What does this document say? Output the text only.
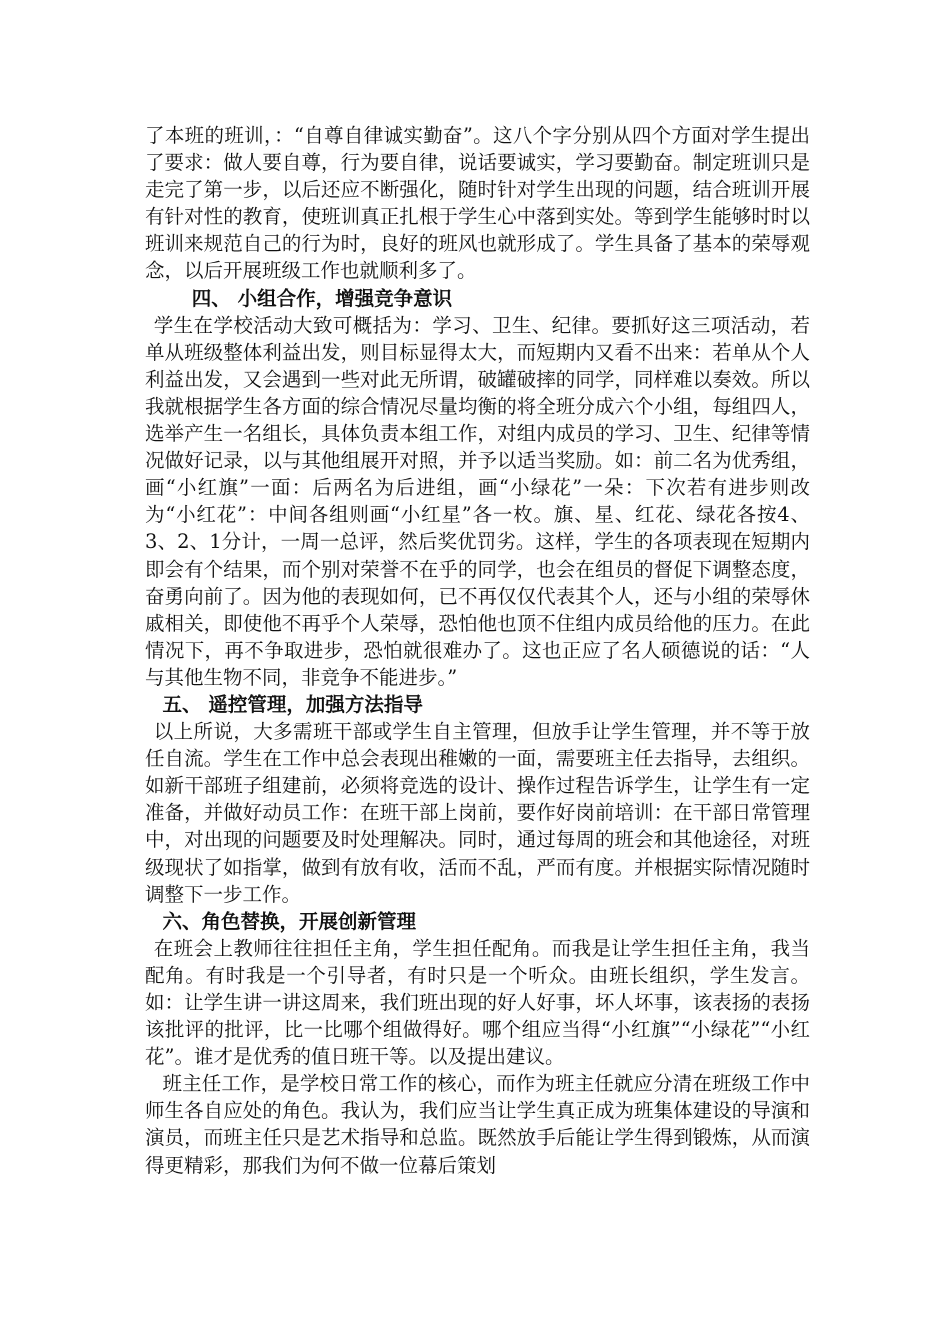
了本班的班训，：“自尊自律诚实勤奋”。这八个字分别从四个方面对学生提出了要求：做人要自尊，行为要自律，说话要诚实，学习要勤奋。制定班训只是走完了第一步，以后还应不断强化，随时针对学生出现的问题，结合班训开展有针对性的教育，使班训真正扎根于学生心中落到实处。等到学生能够时时以班训来规范自己的行为时，良好的班风也就形成了。学生具备了基本的荣辱观念，以后开展班级工作也就顺利多了。

四、 小组合作，增强竞争意识

学生在学校活动大致可概括为：学习、卫生、纪律。要抓好这三项活动，若单从班级整体利益出发，则目标显得太大，而短期内又看不出来：若单从个人利益出发，又会遇到一些对此无所谓，破罐破摔的同学，同样难以奏效。所以我就根据学生各方面的综合情况尽量均衡的将全班分成六个小组，每组四人，选举产生一名组长，具体负责本组工作，对组内成员的学习、卫生、纪律等情况做好记录，以与其他组展开对照，并予以适当奖励。如：前二名为优秀组，画“小红旗”一面：后两名为后进组，画“小绿花”一朵：下次若有进步则改为“小红花”：中间各组则画“小红星”各一枚。旗、星、红花、绿花各按4、3、2、1分计，一周一总评，然后奖优罚劣。这样，学生的各项表现在短期内即会有个结果，而个别对荣誉不在乎的同学，也会在组员的督促下调整态度，奋勇向前了。因为他的表现如何，已不再仅仅代表其个人，还与小组的荣辱休戚相关，即使他不再乎个人荣辱，恐怕他也顶不住组内成员给他的压力。在此情况下，再不争取进步，恐怕就很难办了。这也正应了名人硕德说的话：“人与其他生物不同，非竞争不能进步。”

五、 遥控管理，加强方法指导

以上所说，大多需班干部或学生自主管理，但放手让学生管理，并不等于放任自流。学生在工作中总会表现出稚嫩的一面，需要班主任去指导，去组织。如新干部班子组建前，必须将竞选的设计、操作过程告诉学生，让学生有一定准备，并做好动员工作：在班干部上岗前，要作好岗前培训：在干部日常管理中，对出现的问题要及时处理解决。同时，通过每周的班会和其他途径，对班级现状了如指掌，做到有放有收，活而不乱，严而有度。并根据实际情况随时调整下一步工作。

六、角色替换，开展创新管理

在班会上教师往往担任主角，学生担任配角。而我是让学生担任主角，我当配角。有时我是一个引导者，有时只是一个听众。由班长组织，学生发言。如：让学生讲一讲这周来，我们班出现的好人好事，坏人坏事，该表扬的表扬该批评的批评，比一比哪个组做得好。哪个组应当得“小红旗”“小绿花”“小红花”。谁才是优秀的值日班干等。以及提出建议。

班主任工作，是学校日常工作的核心，而作为班主任就应分清在班级工作中师生各自应处的角色。我认为，我们应当让学生真正成为班集体建设的导演和演员，而班主任只是艺术指导和总监。既然放手后能让学生得到锻炼，从而演得更精彩，那我们为何不做一位幕后策划
